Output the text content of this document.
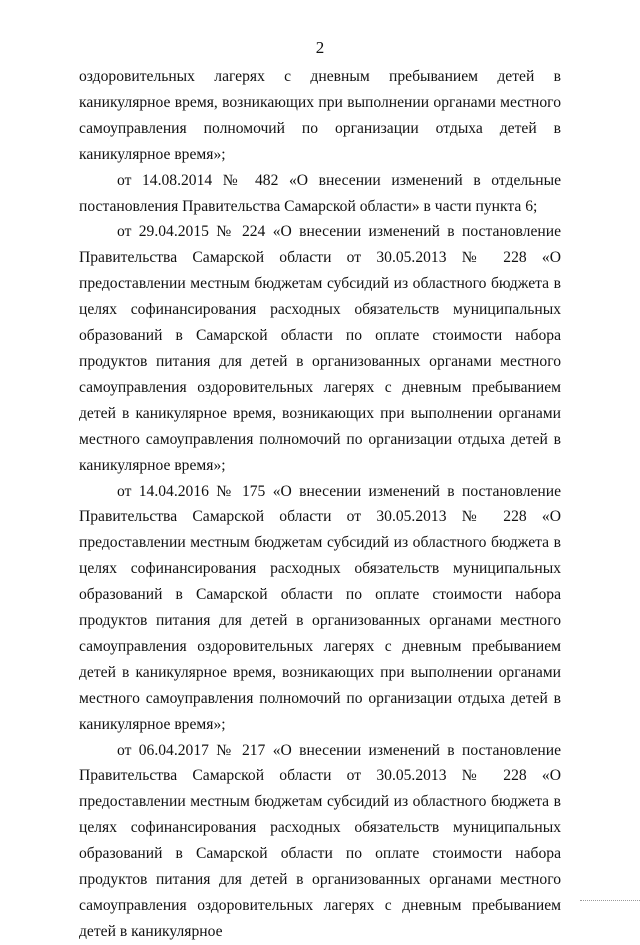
2

оздоровительных лагерях с дневным пребыванием детей в каникулярное время, возникающих при выполнении органами местного самоуправления полномочий по организации отдыха детей в каникулярное время»;

от 14.08.2014 № 482 «О внесении изменений в отдельные постановления Правительства Самарской области» в части пункта 6;

от 29.04.2015 № 224 «О внесении изменений в постановление Правительства Самарской области от 30.05.2013 № 228 «О предоставлении местным бюджетам субсидий из областного бюджета в целях софинансирования расходных обязательств муниципальных образований в Самарской области по оплате стоимости набора продуктов питания для детей в организованных органами местного самоуправления оздоровительных лагерях с дневным пребыванием детей в каникулярное время, возникающих при выполнении органами местного самоуправления полномочий по организации отдыха детей в каникулярное время»;

от 14.04.2016 № 175 «О внесении изменений в постановление Правительства Самарской области от 30.05.2013 № 228 «О предоставлении местным бюджетам субсидий из областного бюджета в целях софинансирования расходных обязательств муниципальных образований в Самарской области по оплате стоимости набора продуктов питания для детей в организованных органами местного самоуправления оздоровительных лагерях с дневным пребыванием детей в каникулярное время, возникающих при выполнении органами местного самоуправления полномочий по организации отдыха детей в каникулярное время»;

от 06.04.2017 № 217 «О внесении изменений в постановление Правительства Самарской области от 30.05.2013 № 228 «О предоставлении местным бюджетам субсидий из областного бюджета в целях софинансирования расходных обязательств муниципальных образований в Самарской области по оплате стоимости набора продуктов питания для детей в организованных органами местного самоуправления оздоровительных лагерях с дневным пребыванием детей в каникулярное
